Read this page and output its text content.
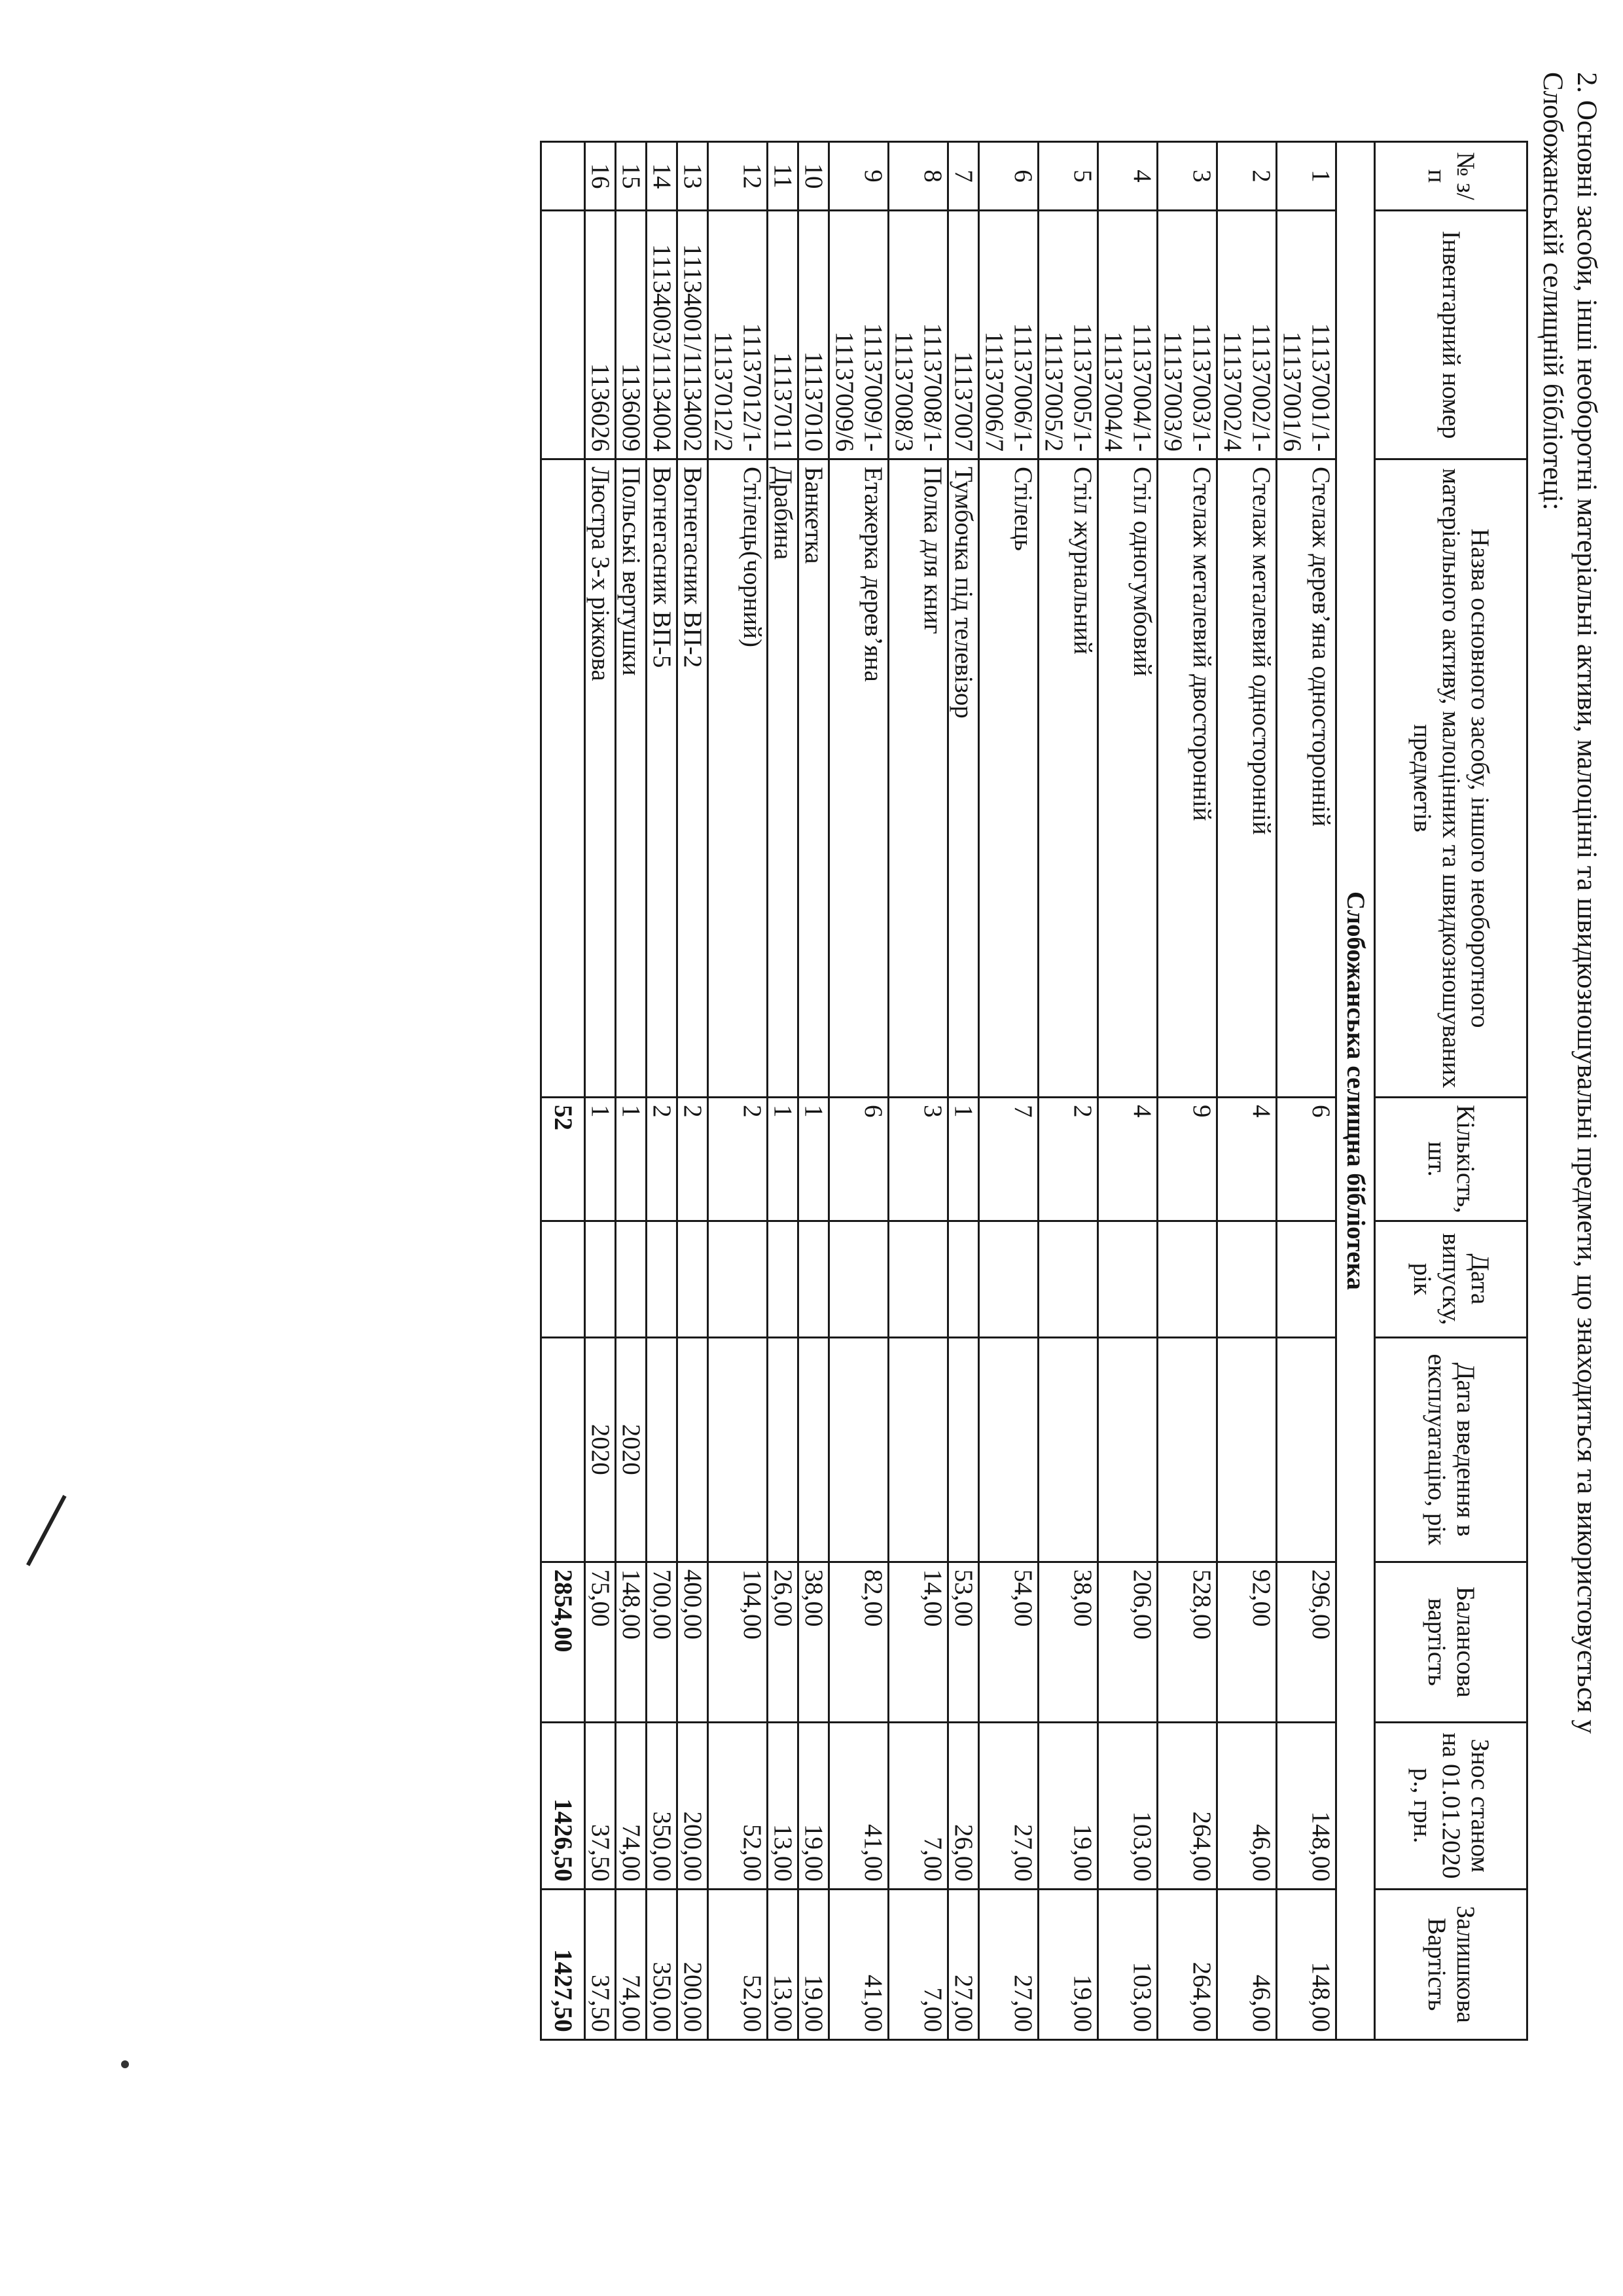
2. Основні засоби, інші необоротні матеріальні активи, малоцінні та швидкозношувальні предмети, що знаходиться та використовується у

Слобожанській селищній бібліотеці:

№ з/п	Інвентарний номер	Назва основного засобу, іншого необоротного матеріального активу, малоцінних та швидкозношуваних предметів	Кількість, шт.	Дата випуску, рік	Дата введення в експлуатацію, рік	Балансова вартість	Знос станом на 01.01.2020 р., грн.	Залишкова Вартість
Слобожанська селищна бібліотека								
1	11137001/1-11137001/6	Стелаж дерев’яна односторонній	6			296,00	148,00	148,00
2	11137002/1-11137002/4	Стелаж металевий односторонній	4			92,00	46,00	46,00
3	11137003/1-11137003/9	Стелаж металевий двосторонній	9			528,00	264,00	264,00
4	11137004/1-11137004/4	Стіл одногумбовий	4			206,00	103,00	103,00
5	11137005/1-11137005/2	Стіл журнальний	2			38,00	19,00	19,00
6	11137006/1-11137006/7	Стілець	7			54,00	27,00	27,00
7	11137007	Тумбочка під телевізор	1			53,00	26,00	27,00
8	11137008/1-11137008/3	Полка для книг	3			14,00	7,00	7,00
9	11137009/1-11137009/6	Етажерка дерев’яна	6			82,00	41,00	41,00
10	11137010	Банкетка	1			38,00	19,00	19,00
11	11137011	Драбина	1			26,00	13,00	13,00
12	11137012/1-11137012/2	Стілець(чорний)	2			104,00	52,00	52,00
13	11134001/11134002	Вогнегасник ВП-2	2			400,00	200,00	200,00
14	11134003/11134004	Вогнегасник ВП-5	2			700,00	350,00	350,00
15	1136009	Польські вертушки	1		2020	148,00	74,00	74,00
16	1136026	Люстра 3-х ріжкова	1		2020	75,00	37,50	37,50
			52			2854,00	1426,50	1427,50
